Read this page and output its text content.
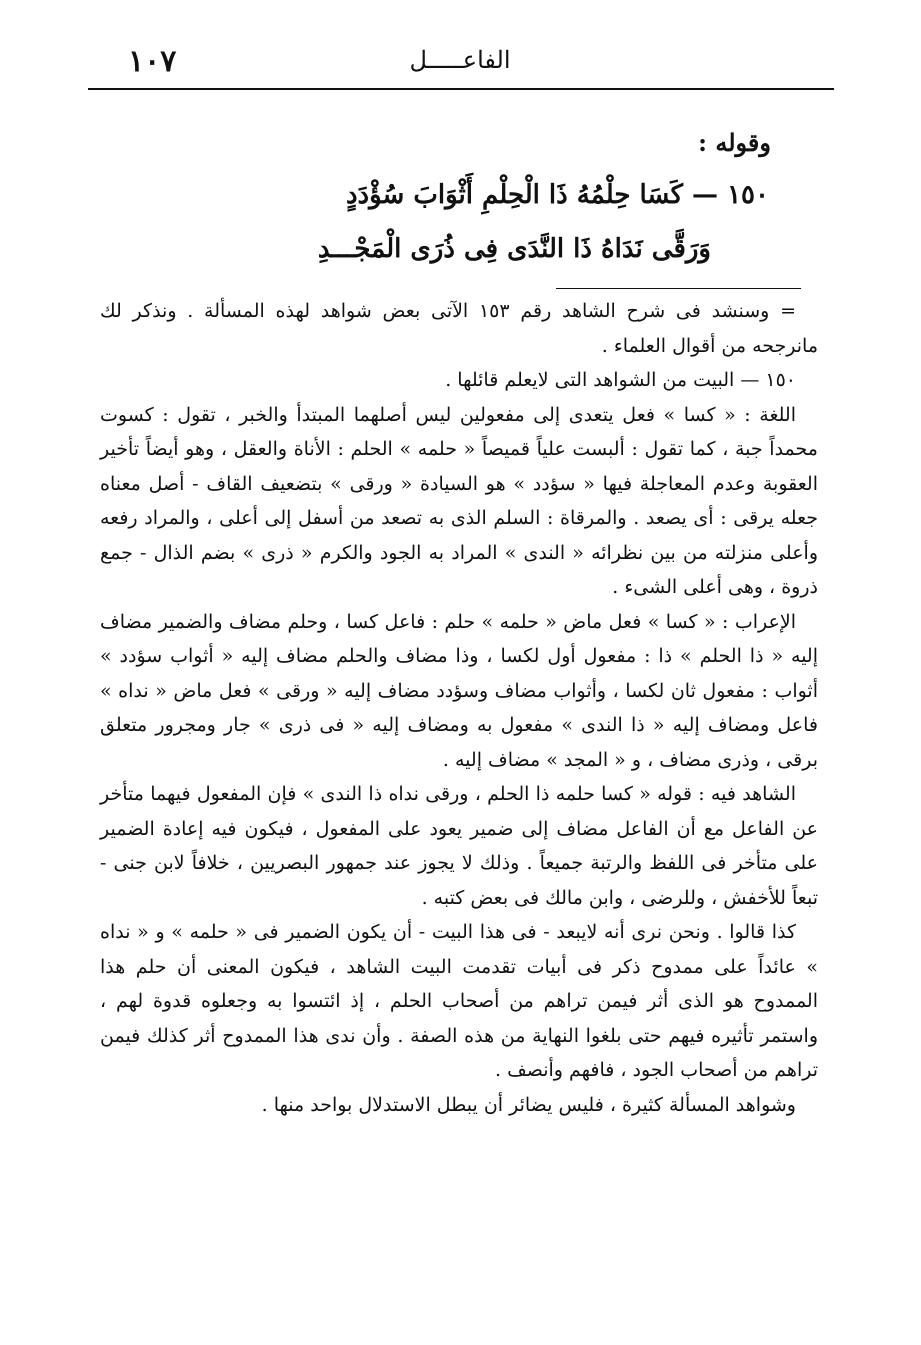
١٠٧	الفاعـــــل
وقوله :
١٥٠ — كَسَا حِلْمُهُ ذَا الْحِلْمِ أَثْوَابَ سُؤْدَدٍ
وَرَقَّى نَدَاهُ ذَا النَّدَى فِى ذُرَى الْمَجْـــدِ

= وسنشد فى شرح الشاهد رقم ١٥٣ الآتى بعض شواهد لهذه المسألة . ونذكر لك مانرجحه من أقوال العلماء .

١٥٠ — البيت من الشواهد التى لايعلم قائلها .

اللغة : « كسا » فعل يتعدى إلى مفعولين ليس أصلهما المبتدأ والخبر ، تقول : كسوت محمداً جبة ، كما تقول : ألبست علياً قميصاً « حلمه » الحلم : الأناة والعقل ، وهو أيضاً تأخير العقوبة وعدم المعاجلة فيها « سؤدد » هو السيادة « ورقى » بتضعيف القاف - أصل معناه جعله يرقى : أى يصعد . والمرقاة : السلم الذى به تصعد من أسفل إلى أعلى ، والمراد رفعه وأعلى منزلته من بين نظرائه « الندى » المراد به الجود والكرم « ذرى » بضم الذال - جمع ذروة ، وهى أعلى الشىء .

الإعراب : « كسا » فعل ماض « حلمه » حلم : فاعل كسا ، وحلم مضاف والضمير مضاف إليه « ذا الحلم » ذا : مفعول أول لكسا ، وذا مضاف والحلم مضاف إليه « أثواب سؤدد » أثواب : مفعول ثان لكسا ، وأثواب مضاف وسؤدد مضاف إليه « ورقى » فعل ماض « نداه » فاعل ومضاف إليه « ذا الندى » مفعول به ومضاف إليه « فى ذرى » جار ومجرور متعلق برقى ، وذرى مضاف ، و « المجد » مضاف إليه .

الشاهد فيه : قوله « كسا حلمه ذا الحلم ، ورقى نداه ذا الندى » فإن المفعول فيهما متأخر عن الفاعل مع أن الفاعل مضاف إلى ضمير يعود على المفعول ، فيكون فيه إعادة الضمير على متأخر فى اللفظ والرتبة جميعاً . وذلك لا يجوز عند جمهور البصريين ، خلافاً لابن جنى - تبعاً للأخفش ، وللرضى ، وابن مالك فى بعض كتبه .

كذا قالوا . ونحن نرى أنه لايبعد - فى هذا البيت - أن يكون الضمير فى « حلمه » و « نداه » عائداً على ممدوح ذكر فى أبيات تقدمت البيت الشاهد ، فيكون المعنى أن حلم هذا الممدوح هو الذى أثر فيمن تراهم من أصحاب الحلم ، إذ ائتسوا به وجعلوه قدوة لهم ، واستمر تأثيره فيهم حتى بلغوا النهاية من هذه الصفة . وأن ندى هذا الممدوح أثر كذلك فيمن تراهم من أصحاب الجود ، فافهم وأنصف .

وشواهد المسألة كثيرة ، فليس يضائر أن يبطل الاستدلال بواحد منها .
